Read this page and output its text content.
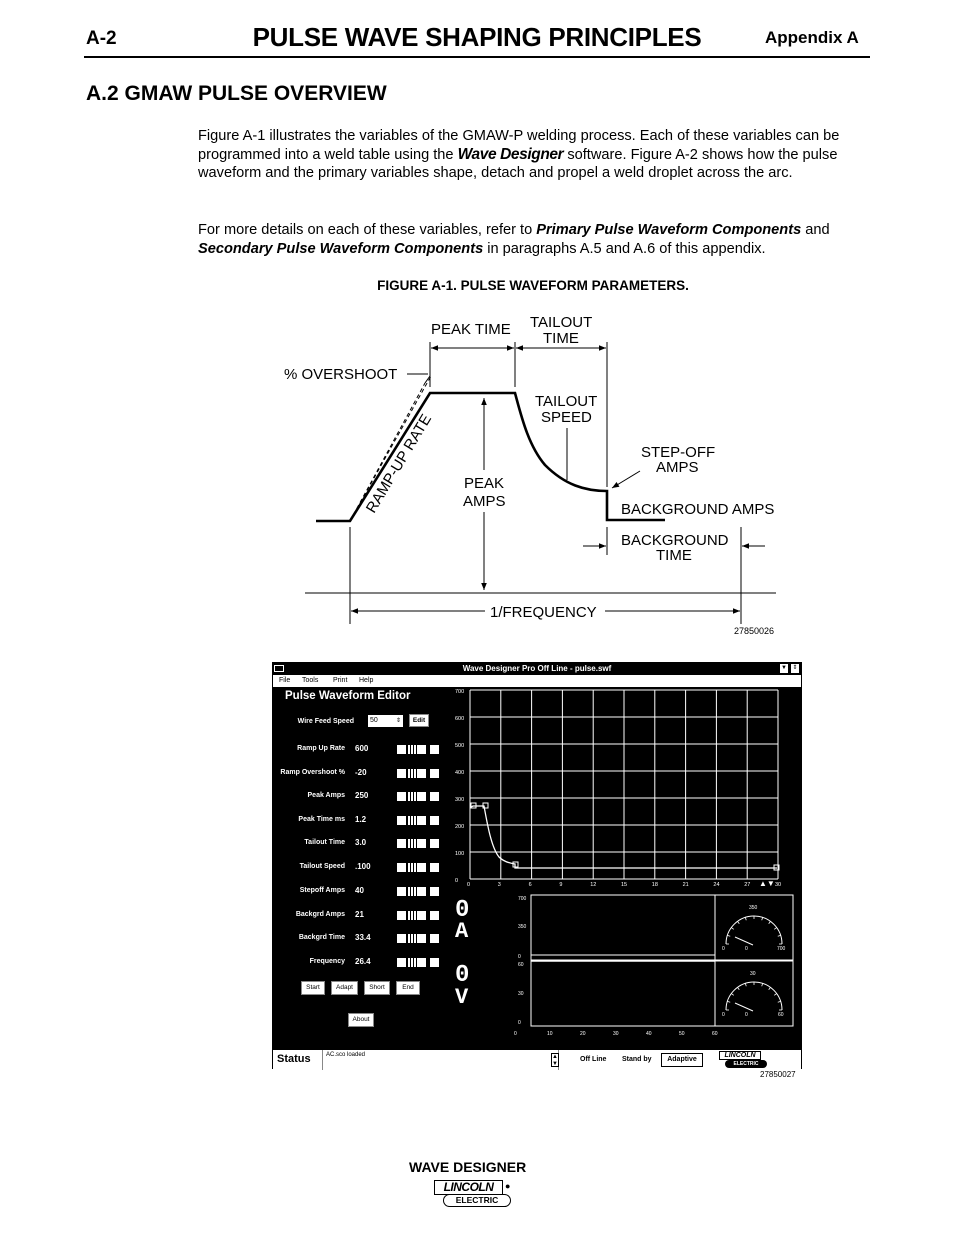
A-2	PULSE WAVE SHAPING PRINCIPLES	Appendix A
A.2 GMAW PULSE OVERVIEW
Figure A-1 illustrates the variables of the GMAW-P welding process. Each of these variables can be programmed into a weld table using the Wave Designer software. Figure A-2 shows how the pulse waveform and the primary variables shape, detach and propel a weld droplet across the arc.
For more details on each of these variables, refer to Primary Pulse Waveform Components and Secondary Pulse Waveform Components in paragraphs A.5 and A.6 of this appendix.
FIGURE A-1. PULSE WAVEFORM PARAMETERS.
PEAK TIME TAILOUT
TIME
% OVERSHOOT
TAILOUT
SPEED
RAMP-UP RATE PEAK
AMPS
STEP-OFF
AMPS
BACKGROUND AMPS
BACKGROUND
TIME
1/FREQUENCY
27850026
Wave Designer Pro Off Line - pulse.swf	▼ ⇕
File Tools Print Help
Pulse Waveform Editor
Wire Feed Speed 50	⇕	Edit
Ramp Up Rate 600
Ramp Overshoot % -20
Peak Amps 250
Peak Time ms 1.2
Tailout Time 3.0
Tailout Speed .100
Stepoff Amps 40
Backgrd Amps 21
Backgrd Time 33.4
Frequency 26.4
Start	Adapt	Short	End
About
700
600
500
400
300
200
100
0
0	3	6	9	12	15	18	21	24	27	30
▲▼
700
350
0
60
30
0
0	10	20	30	40	50	60
350
0	0	700
30
0	0	60
0
A
0
V
Status	AC.sco loaded	▲
▼
Off Line Stand by	Adaptive
LINCOLN
ELECTRIC
27850027
WAVE DESIGNER
LINCOLN	●
ELECTRIC
